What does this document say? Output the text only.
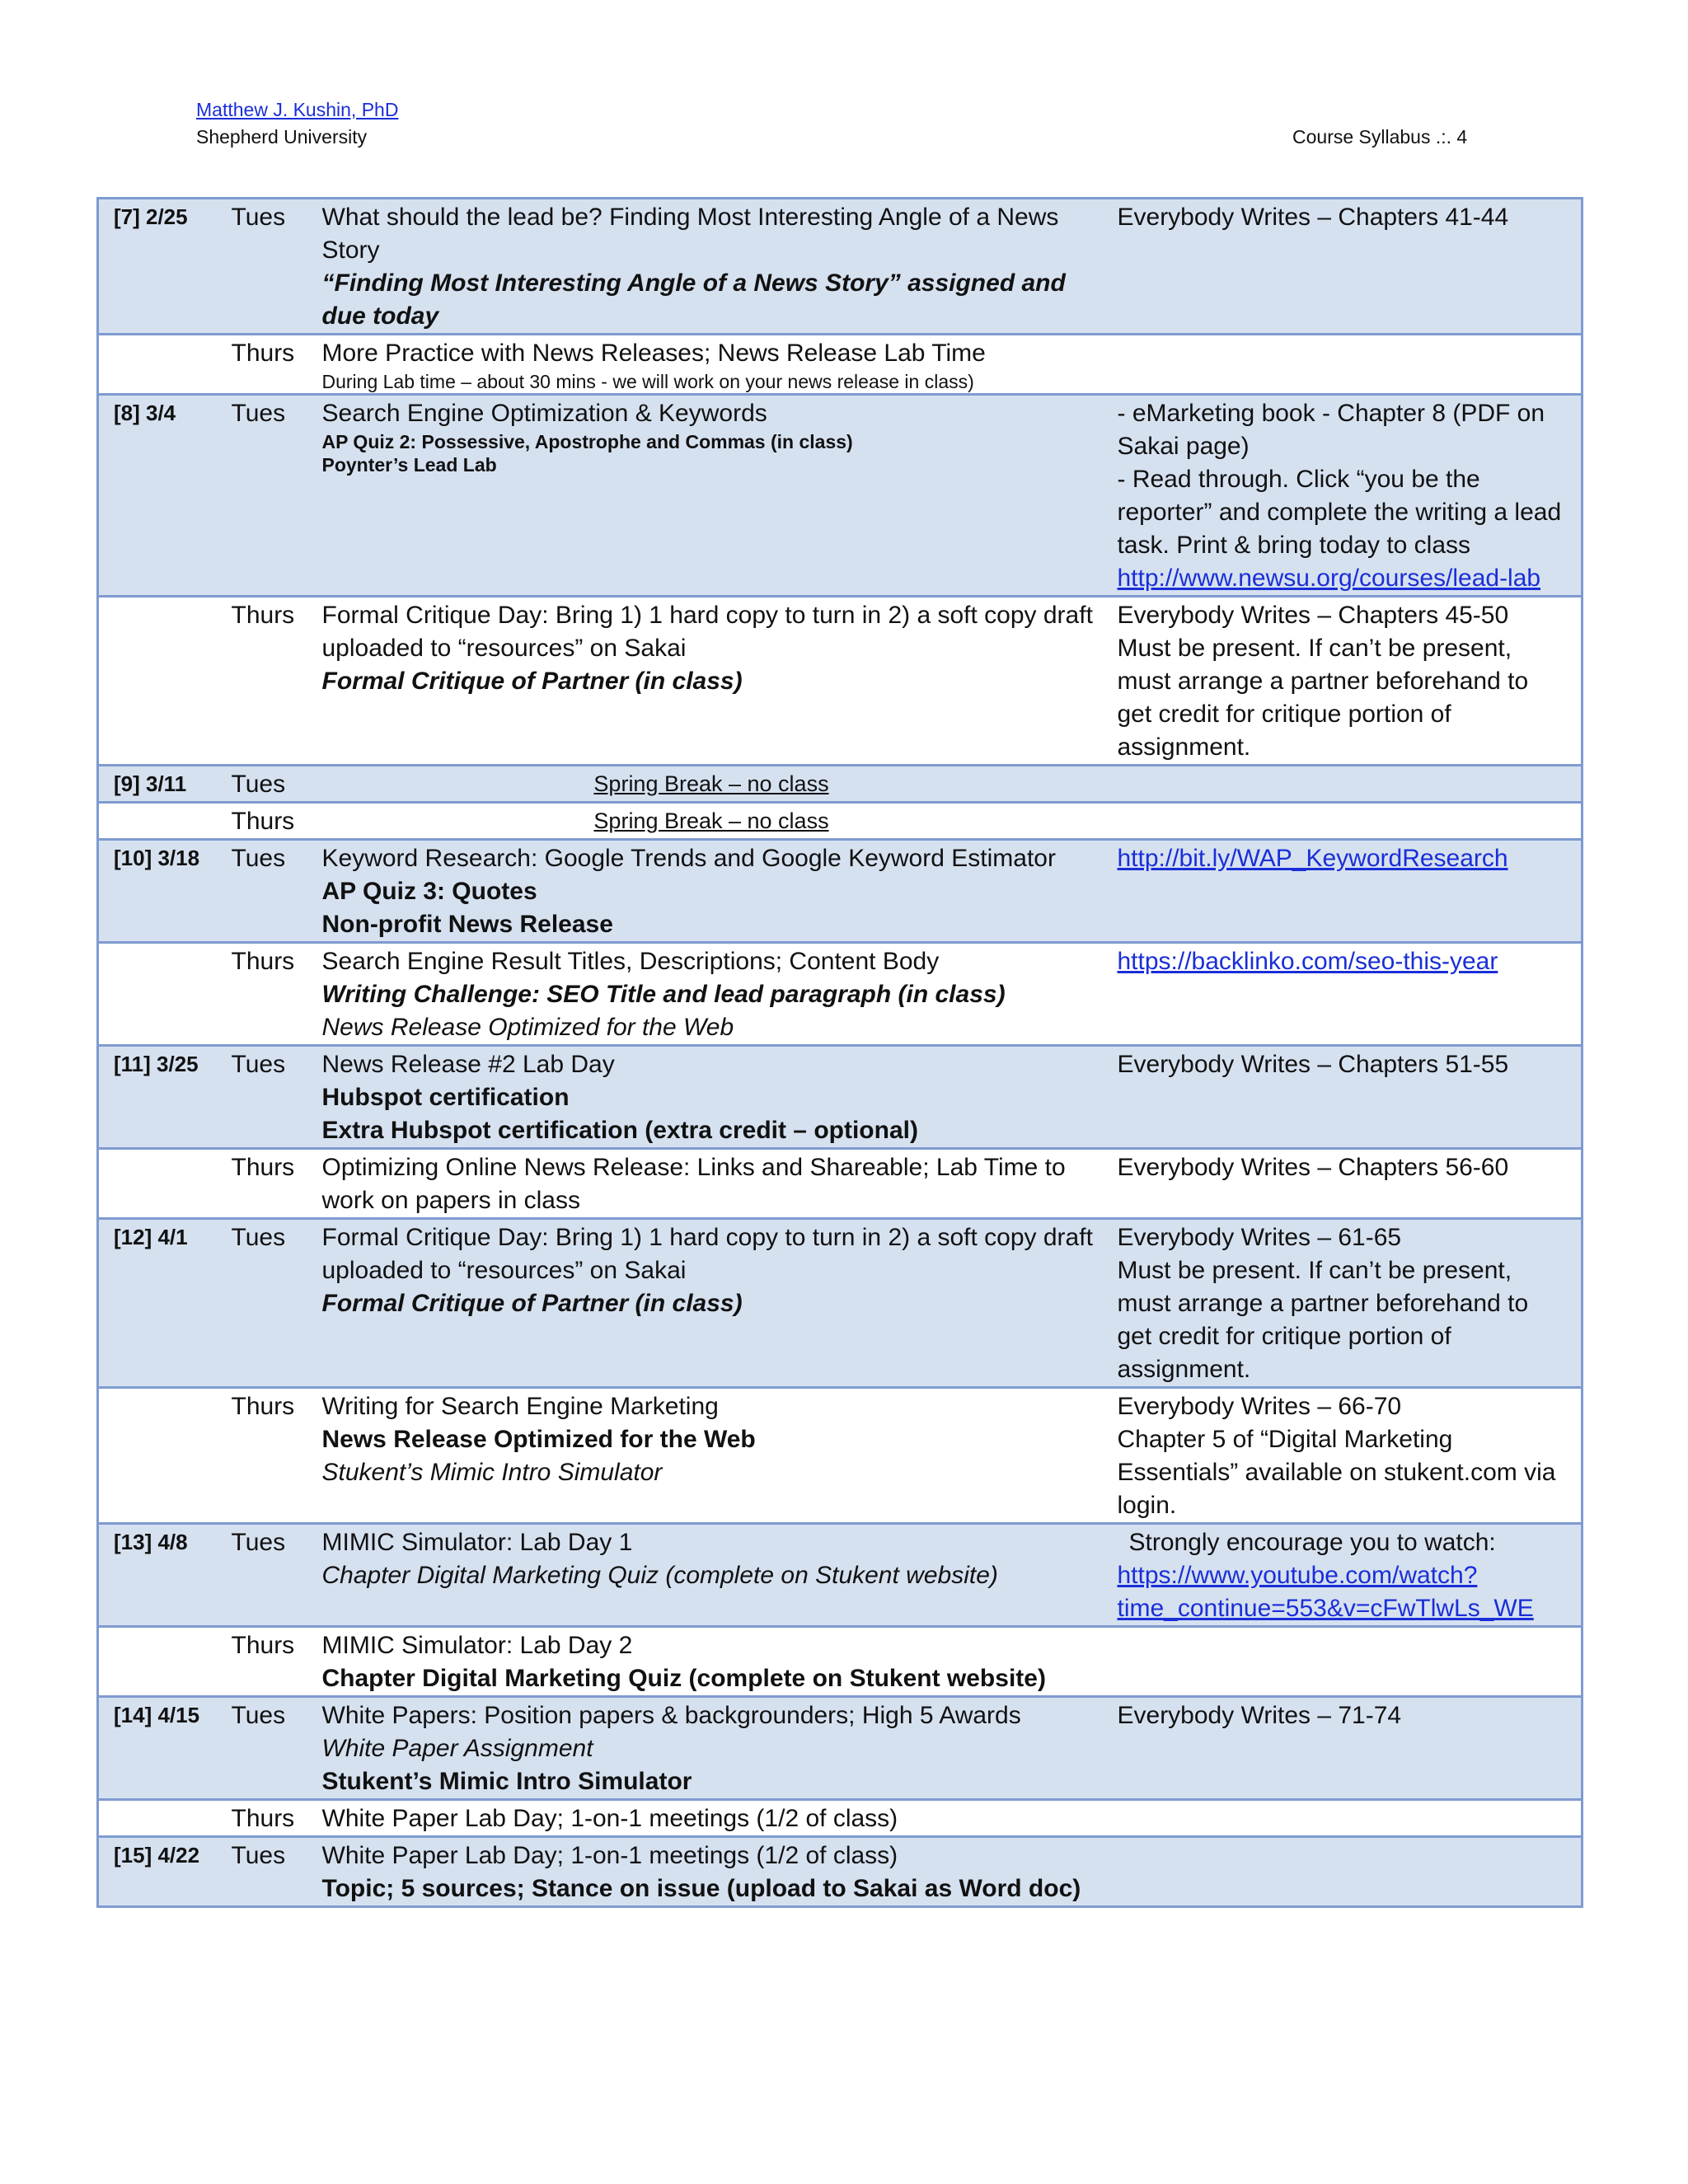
Matthew J. Kushin, PhD
Shepherd University	Course Syllabus .:. 4
[7] 2/25	Tues	What should the lead be? Finding Most Interesting Angle of a News Story
“Finding Most Interesting Angle of a News Story” assigned and due today	Everybody Writes – Chapters 41-44

	Thurs	More Practice with News Releases; News Release Lab Time
During Lab time – about 30 mins - we will work on your news release in class)	

[8] 3/4	Tues	Search Engine Optimization & Keywords
AP Quiz 2: Possessive, Apostrophe and Commas (in class)
Poynter’s Lead Lab	- eMarketing book - Chapter 8 (PDF on Sakai page)
- Read through. Click “you be the reporter” and complete the writing a lead task. Print & bring today to class
http://www.newsu.org/courses/lead-lab

	Thurs	Formal Critique Day: Bring 1) 1 hard copy to turn in 2) a soft copy draft uploaded to “resources” on Sakai
Formal Critique of Partner (in class)	Everybody Writes – Chapters 45-50
Must be present. If can’t be present, must arrange a partner beforehand to get credit for critique portion of assignment.

[9] 3/11	Tues	Spring Break – no class	

	Thurs	Spring Break – no class	

[10] 3/18	Tues	Keyword Research: Google Trends and Google Keyword Estimator
AP Quiz 3: Quotes
Non-profit News Release	http://bit.ly/WAP_KeywordResearch

	Thurs	Search Engine Result Titles, Descriptions; Content Body
Writing Challenge: SEO Title and lead paragraph (in class)
News Release Optimized for the Web	https://backlinko.com/seo-this-year

[11] 3/25	Tues	News Release #2 Lab Day
Hubspot certification
Extra Hubspot certification (extra credit – optional)	Everybody Writes – Chapters 51-55

	Thurs	Optimizing Online News Release: Links and Shareable; Lab Time to work on papers in class	Everybody Writes – Chapters 56-60

[12] 4/1	Tues	Formal Critique Day: Bring 1) 1 hard copy to turn in 2) a soft copy draft uploaded to “resources” on Sakai
Formal Critique of Partner (in class)	Everybody Writes – 61-65
Must be present. If can’t be present, must arrange a partner beforehand to get credit for critique portion of assignment.

	Thurs	Writing for Search Engine Marketing
News Release Optimized for the Web
Stukent’s Mimic Intro Simulator	Everybody Writes – 66-70
Chapter 5 of “Digital Marketing Essentials” available on stukent.com via login.

[13] 4/8	Tues	MIMIC Simulator: Lab Day 1
Chapter Digital Marketing Quiz (complete on Stukent website)	Strongly encourage you to watch:
https://www.youtube.com/watch?time_continue=553&v=cFwTlwLs_WE

	Thurs	MIMIC Simulator: Lab Day 2
Chapter Digital Marketing Quiz (complete on Stukent website)	

[14] 4/15	Tues	White Papers: Position papers & backgrounders; High 5 Awards
White Paper Assignment
Stukent’s Mimic Intro Simulator	Everybody Writes – 71-74

	Thurs	White Paper Lab Day; 1-on-1 meetings (1/2 of class)	

[15] 4/22	Tues	White Paper Lab Day; 1-on-1 meetings (1/2 of class)
Topic; 5 sources; Stance on issue (upload to Sakai as Word doc)	
